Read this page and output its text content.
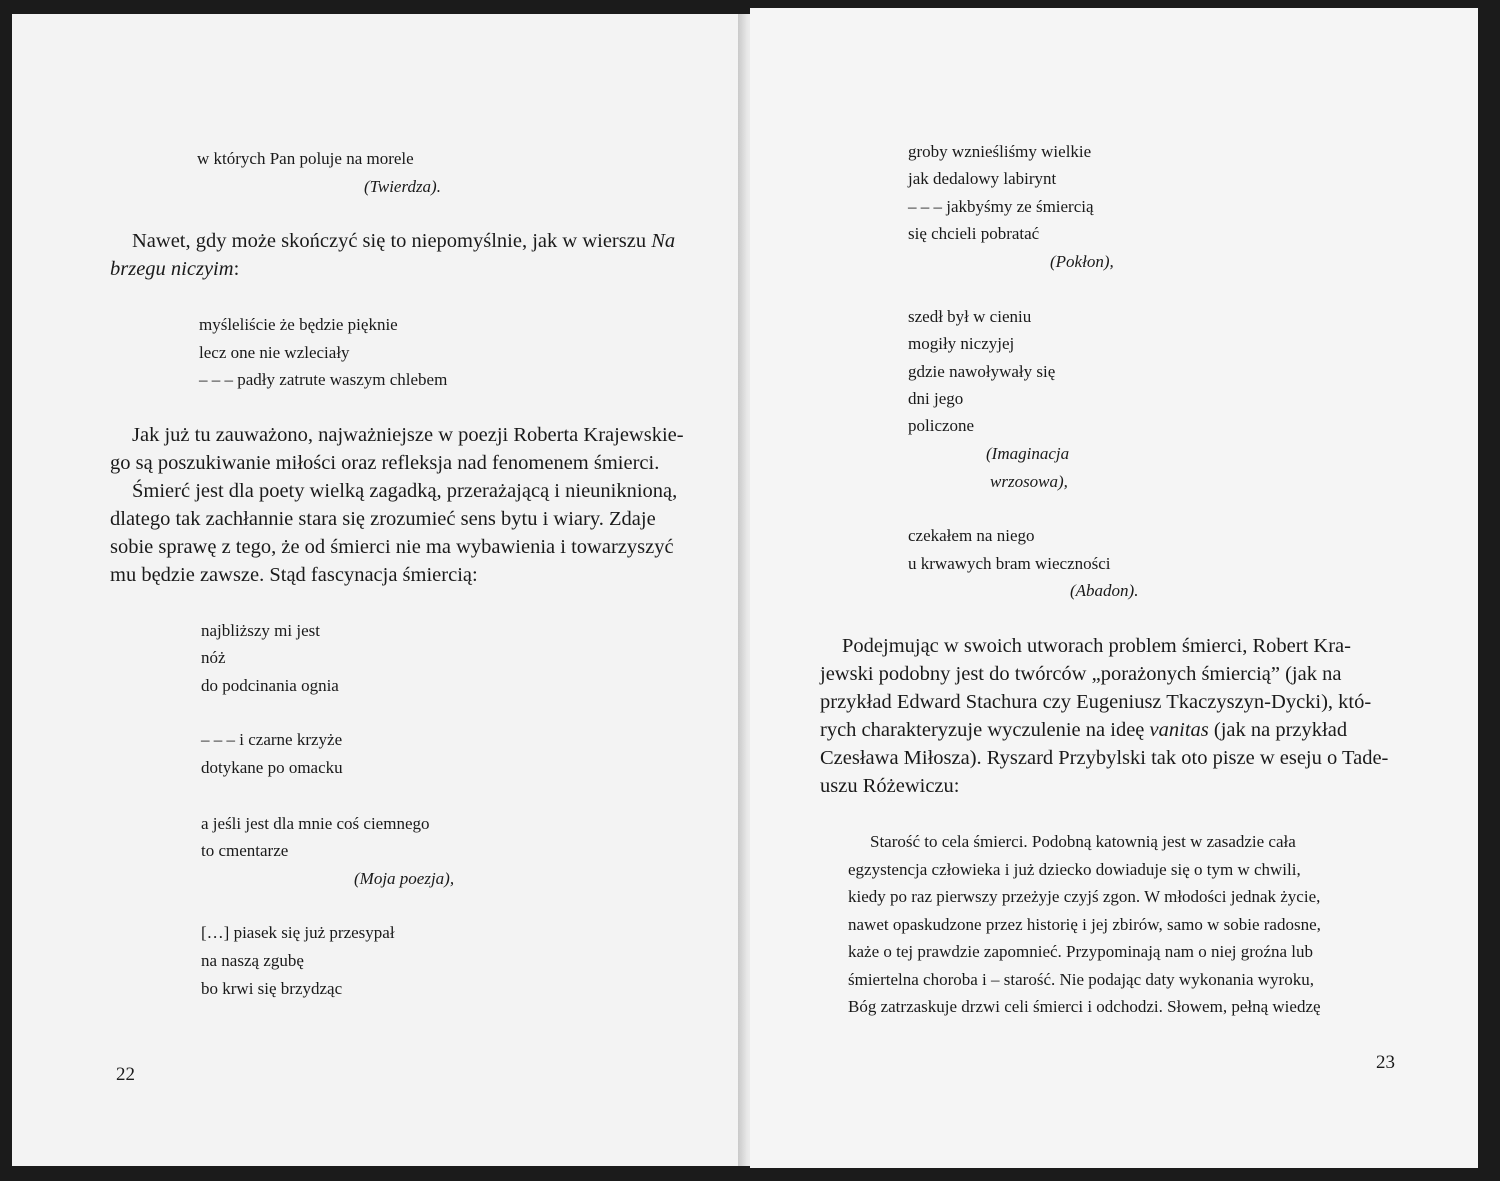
w których Pan poluje na morele
(Twierdza).
Nawet, gdy może skończyć się to niepomyślnie, jak w wierszu Na
brzegu niczyim:
myśleliście że będzie pięknie
lecz one nie wzleciały
– – – padły zatrute waszym chlebem
Jak już tu zauważono, najważniejsze w poezji Roberta Krajewskie-
go są poszukiwanie miłości oraz refleksja nad fenomenem śmierci.
Śmierć jest dla poety wielką zagadką, przerażającą i nieuniknioną,
dlatego tak zachłannie stara się zrozumieć sens bytu i wiary. Zdaje
sobie sprawę z tego, że od śmierci nie ma wybawienia i towarzyszyć
mu będzie zawsze. Stąd fascynacja śmiercią:
najbliższy mi jest
nóż
do podcinania ognia
– – – i czarne krzyże
dotykane po omacku
a jeśli jest dla mnie coś ciemnego
to cmentarze
(Moja poezja),
[…] piasek się już przesypał
na naszą zgubę
bo krwi się brzydząc
22
groby wznieśliśmy wielkie
jak dedalowy labirynt
– – – jakbyśmy ze śmiercią
się chcieli pobratać
(Pokłon),
szedł był w cieniu
mogiły niczyjej
gdzie nawoływały się
dni jego
policzone
(Imaginacja
wrzosowa),
czekałem na niego
u krwawych bram wieczności
(Abadon).
Podejmując w swoich utworach problem śmierci, Robert Kra-
jewski podobny jest do twórców „porażonych śmiercią” (jak na
przykład Edward Stachura czy Eugeniusz Tkaczyszyn-Dycki), któ-
rych charakteryzuje wyczulenie na ideę vanitas (jak na przykład
Czesława Miłosza). Ryszard Przybylski tak oto pisze w eseju o Tade-
uszu Różewiczu:
Starość to cela śmierci. Podobną katownią jest w zasadzie cała
egzystencja człowieka i już dziecko dowiaduje się o tym w chwili,
kiedy po raz pierwszy przeżyje czyjś zgon. W młodości jednak życie,
nawet opaskudzone przez historię i jej zbirów, samo w sobie radosne,
każe o tej prawdzie zapomnieć. Przypominają nam o niej groźna lub
śmiertelna choroba i – starość. Nie podając daty wykonania wyroku,
Bóg zatrzaskuje drzwi celi śmierci i odchodzi. Słowem, pełną wiedzę
23
